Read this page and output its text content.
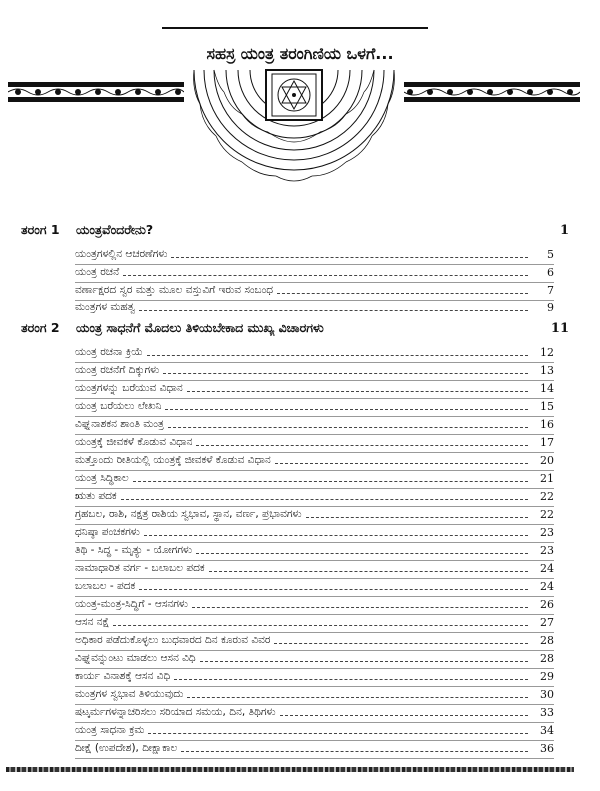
ಸಹಸ್ರ ಯಂತ್ರ ತರಂಗಿಣಿಯ ಒಳಗೆ...
ತರಂಗ 1	ಯಂತ್ರವೆಂದರೇನು?	1
ಯಂತ್ರಗಳಲ್ಲಿನ ಆಚರಣೆಗಳು	5
ಯಂತ್ರ ರಚನೆ	6
ವರ್ಣಾಕ್ಷರದ ಸ್ವರ ಮತ್ತು ಮೂಲ ವಸ್ತುವಿಗೆ ಇರುವ ಸಂಬಂಧ	7
ಮಂತ್ರಗಳ ಮಹತ್ವ	9
ತರಂಗ 2	ಯಂತ್ರ ಸಾಧನೆಗೆ ಮೊದಲು ತಿಳಿಯಬೇಕಾದ ಮುಖ್ಯ ವಿಚಾರಗಳು	11
ಯಂತ್ರ ರಚನಾ ಕ್ರಿಯೆ	12
ಯಂತ್ರ ರಚನೆಗೆ ದಿಕ್ಕುಗಳು	13
ಯಂತ್ರಗಳನ್ನು ಬರೆಯುವ ವಿಧಾನ	14
ಯಂತ್ರ ಬರೆಯಲು ಲೇಖನಿ	15
ವಿಘ್ನನಾಶಕನ ಶಾಂತಿ ಮಂತ್ರ	16
ಯಂತ್ರಕ್ಕೆ ಜೀವಕಳೆ ಕೊಡುವ ವಿಧಾನ	17
ಮತ್ತೊಂದು ರೀತಿಯಲ್ಲಿ ಯಂತ್ರಕ್ಕೆ ಜೀವಕಳೆ ಕೊಡುವ ವಿಧಾನ	20
ಯಂತ್ರ ಸಿದ್ಧಿಕಾಲ	21
ಋತು ಪದಕ	22
ಗ್ರಹಬಲ, ರಾಶಿ, ನಕ್ಷತ್ರ ರಾಶಿಯ ಸ್ವಭಾವ, ಸ್ಥಾನ, ವರ್ಣ, ಪ್ರಭಾವಗಳು	22
ಧನಿಷ್ಠಾ ಪಂಚಕಗಳು	23
ತಿಥಿ - ಸಿದ್ಧ - ಮೃತ್ಯು - ಯೋಗಗಳು	23
ನಾಮಾಧಾರಿತ ವರ್ಗ - ಬಲಾಬಲ ಪದಕ	24
ಬಲಾಬಲ - ಪದಕ	24
ಯಂತ್ರ-ಮಂತ್ರ-ಸಿದ್ಧಿಗೆ - ಆಸನಗಳು	26
ಆಸನ ನಕ್ಷೆ	27
ಅಧಿಕಾರ ಪಡೆದುಕೊಳ್ಳಲು ಬುಧವಾರದ ದಿನ ಕೂರುವ ವಿವರ	28
ವಿಘ್ನವನ್ನುಂಟು ಮಾಡಲು ಆಸನ ವಿಧಿ	28
ಕಾರ್ಯ ವಿನಾಶಕ್ಕೆ ಆಸನ ವಿಧಿ	29
ಮಂತ್ರಗಳ ಸ್ವಭಾವ ತಿಳಿಯುವುದು	30
ಷಟ್ಕರ್ಮಗಳನ್ನಾಚರಿಸಲು ಸರಿಯಾದ ಸಮಯ, ದಿನ, ತಿಥಿಗಳು	33
ಯಂತ್ರ ಸಾಧನಾ ಕ್ರಮ	34
ದೀಕ್ಷೆ (ಉಪದೇಶ), ದೀಕ್ಷಾಕಾಲ	36
